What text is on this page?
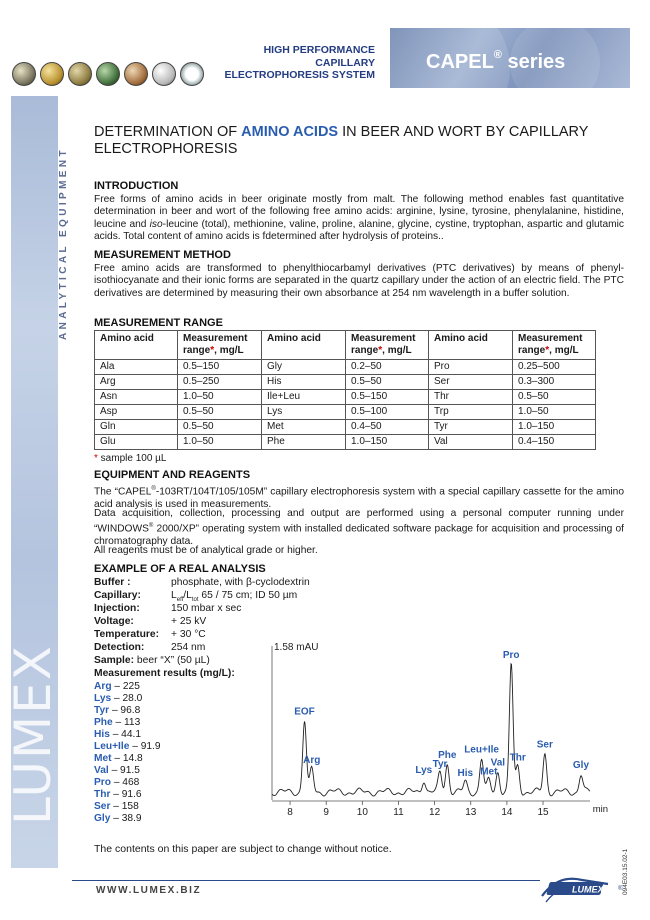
HIGH PERFORMANCE
CAPILLARY
ELECTROPHORESIS SYSTEM
CAPEL® series
ANALYTICAL EQUIPMENT
LUMEX
DETERMINATION OF AMINO ACIDS IN BEER AND WORT BY CAPILLARY ELECTROPHORESIS
INTRODUCTION
Free forms of amino acids in beer originate mostly from malt. The following method enables fast quantitative determination in beer and wort of the following free amino acids: arginine, lysine, tyrosine, phenylalanine, histidine, leucine and iso-leucine (total), methionine, valine, proline, alanine, glycine, cystine, tryptophan, aspartic and glutamic acids. Total content of amino acids is fdetermined after hydrolysis of proteins..
MEASUREMENT METHOD
Free amino acids are transformed to phenylthiocarbamyl derivatives (PTC derivatives) by means of phenyl-isothiocyanate and their ionic forms are separated in the quartz capillary under the action of an electric field. The PTC derivatives are determined by measuring their own absorbance at 254 nm wavelength in a buffer solution.
MEASUREMENT RANGE
Amino acid	Measurement range*, mg/L	Amino acid	Measurement range*, mg/L	Amino acid	Measurement range*, mg/L
Ala	0.5–150	Gly	0.2–50	Pro	0.25–500
Arg	0.5–250	His	0.5–50	Ser	0.3–300
Asn	1.0–50	Ile+Leu	0.5–150	Thr	0.5–50
Asp	0.5–50	Lys	0.5–100	Trp	1.0–50
Gln	0.5–50	Met	0.4–50	Tyr	1.0–150
Glu	1.0–50	Phe	1.0–150	Val	0.4–150
* sample 100 µL
EQUIPMENT AND REAGENTS
The “CAPEL®-103RT/104T/105/105M” capillary electrophoresis system with a special capillary cassette for the amino acid analysis is used in measurements.
Data acquisition, collection, processing and output are performed using a personal computer running under “WINDOWS® 2000/XP” operating system with installed dedicated software package for acquisition and processing of chromatography data.
All reagents must be of analytical grade or higher.
EXAMPLE OF A REAL ANALYSIS
Buffer :	phosphate, with β-cyclodextrin
Capillary:	$L_{eff}/L_{tot}$ 65 / 75 cm; ID 50 µm
Injection:	150 mbar x sec
Voltage:	+ 25 kV
Temperature: + 30 °C
Detection:	254 nm
Sample: beer “X” (50 µL)
Measurement results (mg/L):
Arg – 225
Lys – 28.0
Tyr – 96.8
Phe – 113
His – 44.1
Leu+Ile – 91.9
Met – 14.8
Val – 91.5
Pro – 468
Thr – 91.6
Ser – 158
Gly – 38.9
1.58 mAU
8	9	10	11	12	13	14	15	min
EOF
Arg
Lys
Tyr
Phe
His
Leu+Ile
Met
Val
Pro
Thr
Ser
Gly
The contents on this paper are subject to change without notice.
WWW.LUMEX.BIZ	LUMEX ® 094E03.15.02-1
